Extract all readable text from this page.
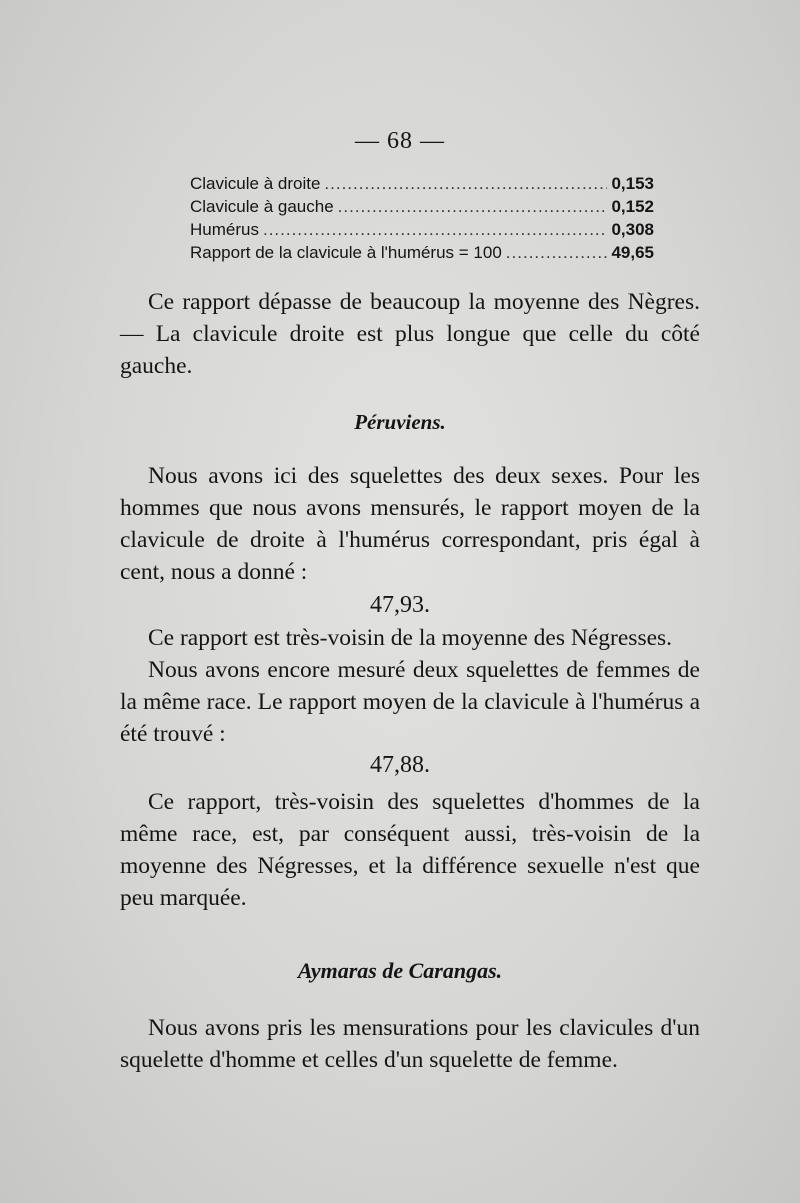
— 68 —
Clavicule à droite .....	0,153
Clavicule à gauche .....	0,152
Humérus .....	0,308
Rapport de la clavicule à l'humérus = 100 .....	49,65

Ce rapport dépasse de beaucoup la moyenne des Nègres. — La clavicule droite est plus longue que celle du côté gauche.

Péruviens.

Nous avons ici des squelettes des deux sexes. Pour les hommes que nous avons mensurés, le rapport moyen de la clavicule de droite à l'humérus correspondant, pris égal à cent, nous a donné :

47,93.

Ce rapport est très-voisin de la moyenne des Négresses.

Nous avons encore mesuré deux squelettes de femmes de la même race. Le rapport moyen de la clavicule à l'humérus a été trouvé :

47,88.

Ce rapport, très-voisin des squelettes d'hommes de la même race, est, par conséquent aussi, très-voisin de la moyenne des Négresses, et la différence sexuelle n'est que peu marquée.

Aymaras de Carangas.

Nous avons pris les mensurations pour les clavicules d'un squelette d'homme et celles d'un squelette de femme.
